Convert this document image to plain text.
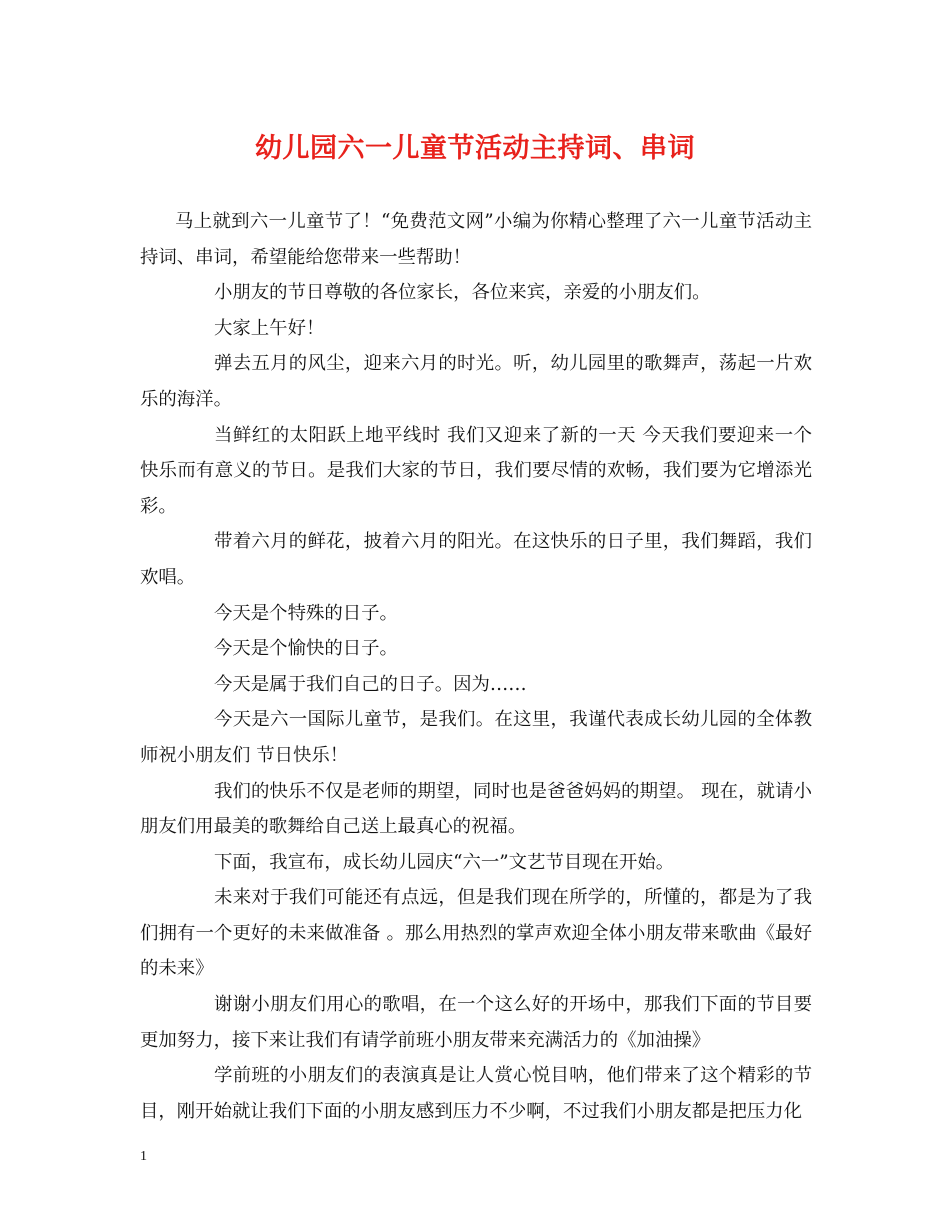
幼儿园六一儿童节活动主持词、串词

马上就到六一儿童节了！“免费范文网”小编为你精心整理了六一儿童节活动主持词、串词，希望能给您带来一些帮助！

小朋友的节日尊敬的各位家长，各位来宾，亲爱的小朋友们。

大家上午好！

弹去五月的风尘，迎来六月的时光。听，幼儿园里的歌舞声，荡起一片欢乐的海洋。

当鲜红的太阳跃上地平线时 我们又迎来了新的一天 今天我们要迎来一个快乐而有意义的节日。是我们大家的节日，我们要尽情的欢畅，我们要为它增添光彩。

带着六月的鲜花，披着六月的阳光。在这快乐的日子里，我们舞蹈，我们欢唱。

今天是个特殊的日子。

今天是个愉快的日子。

今天是属于我们自己的日子。因为……

今天是六一国际儿童节，是我们。在这里，我谨代表成长幼儿园的全体教师祝小朋友们 节日快乐！

我们的快乐不仅是老师的期望，同时也是爸爸妈妈的期望。 现在，就请小朋友们用最美的歌舞给自己送上最真心的祝福。

下面，我宣布，成长幼儿园庆“六一”文艺节目现在开始。

未来对于我们可能还有点远，但是我们现在所学的，所懂的，都是为了我们拥有一个更好的未来做准备 。那么用热烈的掌声欢迎全体小朋友带来歌曲《最好的未来》

谢谢小朋友们用心的歌唱，在一个这么好的开场中，那我们下面的节目要更加努力，接下来让我们有请学前班小朋友带来充满活力的《加油操》

学前班的小朋友们的表演真是让人赏心悦目呐，他们带来了这个精彩的节目，刚开始就让我们下面的小朋友感到压力不少啊，不过我们小朋友都是把压力化

1
